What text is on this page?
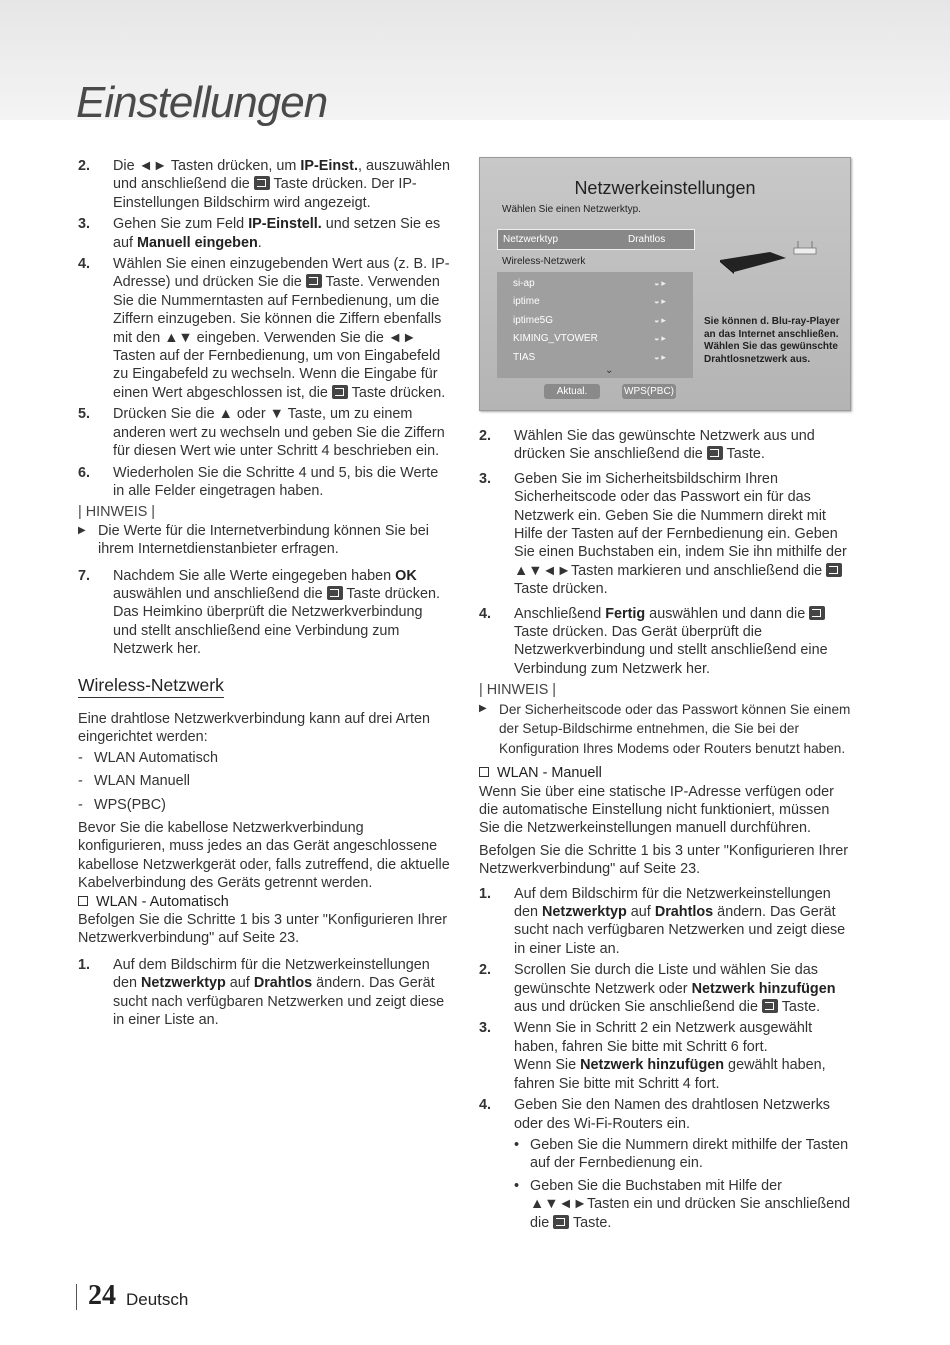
Einstellungen
2.	Die ◄► Tasten drücken, um IP-Einst., auszuwählen und anschließend die  Taste drücken. Der IP-Einstellungen Bildschirm wird angezeigt.
3.	Gehen Sie zum Feld IP-Einstell. und setzen Sie es auf Manuell eingeben.
4.	Wählen Sie einen einzugebenden Wert aus (z. B. IP-Adresse) und drücken Sie die  Taste. Verwenden Sie die Nummerntasten auf Fernbedienung, um die Ziffern einzugeben. Sie können die Ziffern ebenfalls mit den ▲▼ eingeben. Verwenden Sie die ◄► Tasten auf der Fernbedienung, um von Eingabefeld zu Eingabefeld zu wechseln. Wenn die Eingabe für einen Wert abgeschlossen ist, die  Taste drücken.
5.	Drücken Sie die ▲ oder ▼ Taste, um zu einem anderen wert zu wechseln und geben Sie die Ziffern für diesen Wert wie unter Schritt 4 beschrieben ein.
6.	Wiederholen Sie die Schritte 4 und 5, bis die Werte in alle Felder eingetragen haben.

| HINWEIS |

▶ Die Werte für die Internetverbindung können Sie bei ihrem Internetdienstanbieter erfragen.
7.	Nachdem Sie alle Werte eingegeben haben OK auswählen und anschließend die  Taste drücken. Das Heimkino überprüft die Netzwerkverbindung und stellt anschließend eine Verbindung zum Netzwerk her.
Wireless-Netzwerk

Eine drahtlose Netzwerkverbindung kann auf drei Arten eingerichtet werden:

- WLAN Automatisch
- WLAN Manuell
- WPS(PBC)

Bevor Sie die kabellose Netzwerkverbindung konfigurieren, muss jedes an das Gerät angeschlossene kabellose Netzwerkgerät oder, falls zutreffend, die aktuelle Kabelverbindung des Geräts getrennt werden.

WLAN - Automatisch

Befolgen Sie die Schritte 1 bis 3 unter "Konfigurieren Ihrer Netzwerkverbindung" auf Seite 23.

1.	Auf dem Bildschirm für die Netzwerkeinstellungen den Netzwerktyp auf Drahtlos ändern. Das Gerät sucht nach verfügbaren Netzwerken und zeigt diese in einer Liste an.
Netzwerkeinstellungen
Wählen Sie einen Netzwerktyp.
Netzwerktyp	Drahtlos
Wireless-Netzwerk
si-ap	◒▸
iptime	◒▸
iptime5G	◒▸
KIMING_VTOWER	◒▸
TIAS	◒▸
⌄
Aktual.	WPS(PBC)
Sie können d. Blu-ray-Player an das Internet anschließen. Wählen Sie das gewünschte Drahtlosnetzwerk aus.
2.	Wählen Sie das gewünschte Netzwerk aus und drücken Sie anschließend die  Taste.
3.	Geben Sie im Sicherheitsbildschirm Ihren Sicherheitscode oder das Passwort ein für das Netzwerk ein. Geben Sie die Nummern direkt mit Hilfe der Tasten auf der Fernbedienung ein. Geben Sie einen Buchstaben ein, indem Sie ihn mithilfe der ▲▼◄►Tasten markieren und anschließend die  Taste drücken.
4.	Anschließend Fertig auswählen und dann die  Taste drücken. Das Gerät überprüft die Netzwerkverbindung und stellt anschließend eine Verbindung zum Netzwerk her.

| HINWEIS |

▶ Der Sicherheitscode oder das Passwort können Sie einem der Setup-Bildschirme entnehmen, die Sie bei der Konfiguration Ihres Modems oder Routers benutzt haben.

WLAN - Manuell

Wenn Sie über eine statische IP-Adresse verfügen oder die automatische Einstellung nicht funktioniert, müssen Sie die Netzwerkeinstellungen manuell durchführen.

Befolgen Sie die Schritte 1 bis 3 unter "Konfigurieren Ihrer Netzwerkverbindung" auf Seite 23.

1.	Auf dem Bildschirm für die Netzwerkeinstellungen den Netzwerktyp auf Drahtlos ändern. Das Gerät sucht nach verfügbaren Netzwerken und zeigt diese in einer Liste an.
2.	Scrollen Sie durch die Liste und wählen Sie das gewünschte Netzwerk oder Netzwerk hinzufügen aus und drücken Sie anschließend die  Taste.
3.	Wenn Sie in Schritt 2 ein Netzwerk ausgewählt haben, fahren Sie bitte mit Schritt 6 fort.
Wenn Sie Netzwerk hinzufügen gewählt haben, fahren Sie bitte mit Schritt 4 fort.
4.	Geben Sie den Namen des drahtlosen Netzwerks oder des Wi-Fi-Routers ein.
• Geben Sie die Nummern direkt mithilfe der Tasten auf der Fernbedienung ein.
• Geben Sie die Buchstaben mit Hilfe der ▲▼◄►Tasten ein und drücken Sie anschließend die  Taste.
24 Deutsch
